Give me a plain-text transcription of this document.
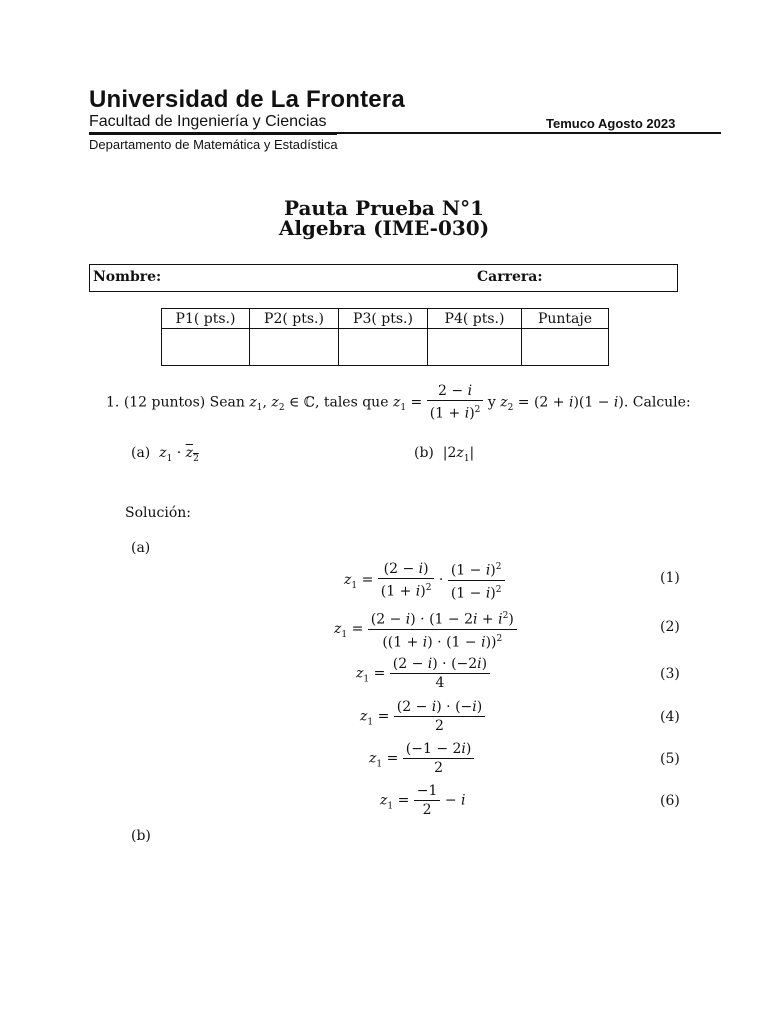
Universidad de La Frontera
Facultad de Ingeniería y Ciencias	Temuco Agosto 2023
Departamento de Matemática y Estadística
Pauta Prueba N°1
Algebra (IME-030)
Nombre:	Carrera:
P1( pts.)	P2( pts.)	P3( pts.)	P4( pts.)	Puntaje

1. (12 puntos) Sean $z_1$, $z_2$ ∈ ℂ, tales que $z_1 = \frac{2 - i}{(1 + i)^2}$ y $z_2 = (2 + i)(1 - i)$. Calcule:
(a) $z_1 \cdot z_2$	(b)  $|2z_1|$
Solución:
(a)
$z_1 = \frac{(2 - i)}{(1 + i)^2} \cdot \frac{(1 - i)^2}{(1 - i)^2}$	(1)
$z_1 = \frac{(2 - i) \cdot (1 - 2i + i^2)}{((1 + i) \cdot (1 - i))^2}$	(2)
$z_1 = \frac{(2 - i) \cdot (-2i)}{4}$	(3)
$z_1 = \frac{(2 - i) \cdot (-i)}{2}$	(4)
$z_1 = \frac{(-1 - 2i)}{2}$	(5)
$z_1 = \frac{-1}{2} - i$	(6)
(b)
